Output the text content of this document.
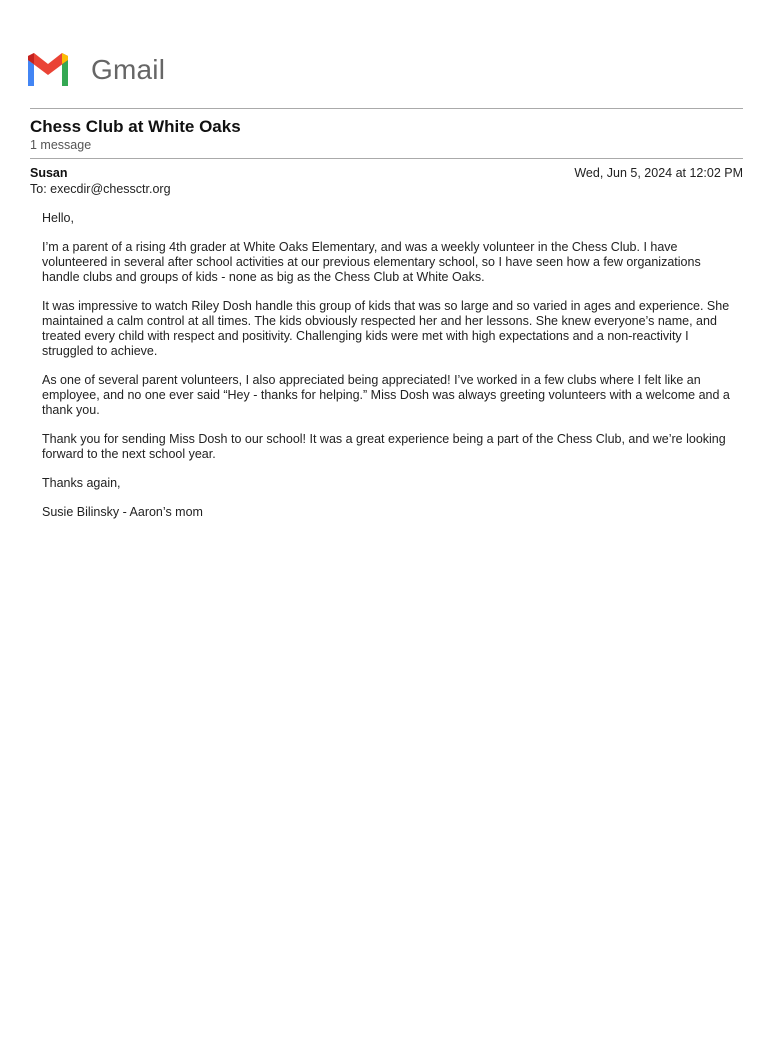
Gmail
Chess Club at White Oaks
1 message
Susan
To: execdir@chessctr.org
Wed, Jun 5, 2024 at 12:02 PM

Hello,

I’m a parent of a rising 4th grader at White Oaks Elementary, and was a weekly volunteer in the Chess Club. I have volunteered in several after school activities at our previous elementary school, so I have seen how a few organizations handle clubs and groups of kids - none as big as the Chess Club at White Oaks.

It was impressive to watch Riley Dosh handle this group of kids that was so large and so varied in ages and experience. She maintained a calm control at all times. The kids obviously respected her and her lessons. She knew everyone’s name, and treated every child with respect and positivity. Challenging kids were met with high expectations and a non-reactivity I struggled to achieve.

As one of several parent volunteers, I also appreciated being appreciated! I’ve worked in a few clubs where I felt like an employee, and no one ever said “Hey - thanks for helping.” Miss Dosh was always greeting volunteers with a welcome and a thank you.

Thank you for sending Miss Dosh to our school! It was a great experience being a part of the Chess Club, and we’re looking forward to the next school year.

Thanks again,

Susie Bilinsky - Aaron’s mom
